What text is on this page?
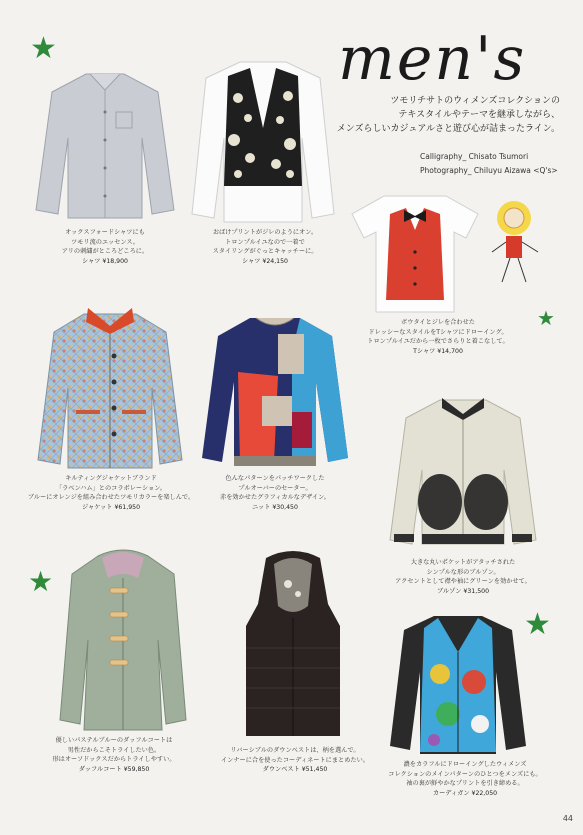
★
★
★
★
men's
ツモリチサトのウィメンズコレクションの
テキスタイルやテーマを継承しながら、
メンズらしいカジュアルさと遊び心が詰まったライン。
Calligraphy_ Chisato Tsumori
Photography_ Chiluyu Aizawa <Q's>
オックスフォードシャツにも
ツモリ流のエッセンス。
アリの刺繍がところどころに。
シャツ ¥18,900
おばけプリントがジレのようにオン。
トロンプルイユなので一着で
スタイリングがぐっとキャッチーに。
シャツ ¥24,150
ボウタイとジレを合わせた
ドレッシーなスタイルをTシャツにドローイング。
トロンプルイユだから一枚でさらりと着こなして。
Tシャツ ¥14,700
キルティングジャケットブランド
「ラベンハム」とのコラボレーション。
ブルーにオレンジを組み合わせたツモリカラーを楽しんで。
ジャケット ¥61,950
色んなパターンをパッチワークした
プルオーバーのセーター。
赤を効かせたグラフィカルなデザイン。
ニット ¥30,450
大きな丸いポケットがアタッチされた
シンプルな形のブルゾン。
アクセントとして襟や袖にグリーンを効かせて。
ブルゾン ¥31,500
優しいパステルブルーのダッフルコートは
男性だからこそトライしたい色。
形はオーソドックスだからトライしやすい。
ダッフルコート ¥59,850
リバーシブルのダウンベストは、柄を選んで。
インナーに合を使ったコーディネートにまとめたい。
ダウンベスト ¥51,450
濃をカラフルにドローイングしたウィメンズ
コレクションのメインパターンのひとつをメンズにも。
袖の裏が鮮やかなプリントを引き締める。
カーディガン ¥22,050
44
